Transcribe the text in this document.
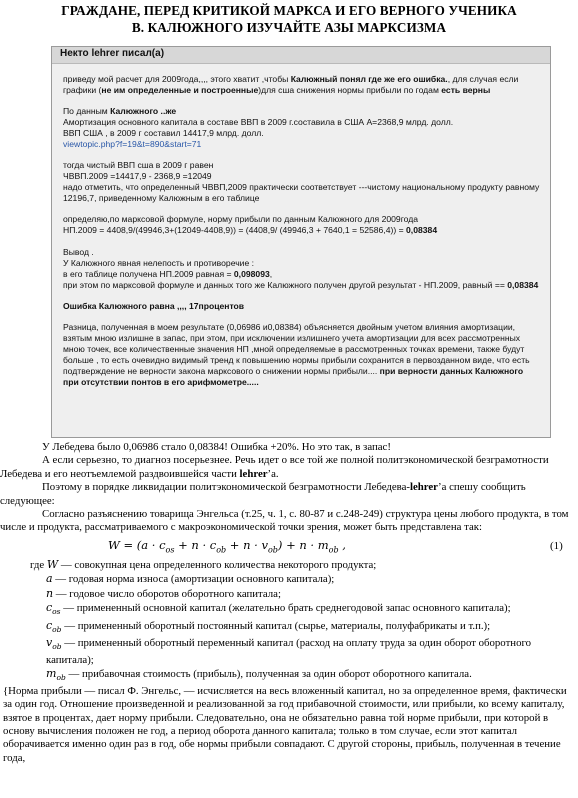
ГРАЖДАНЕ, ПЕРЕД КРИТИКОЙ МАРКСА И ЕГО ВЕРНОГО УЧЕНИКА
В. КАЛЮЖНОГО ИЗУЧАЙТЕ АЗЫ МАРКСИЗМА
Некто lehrer писал(а)

приведу мой расчет для 2009года,,,, этого хватит ,чтобы Калюжный понял где же его ошибка., для случая если графики (не им определенные и построенные)для сша снижения нормы прибыли по годам есть верны

По данным Калюжного ..же
Амортизация основного капитала в составе ВВП в 2009 г.составила в США А=2368,9 млрд. долл.
ВВП США , в 2009 г составил 14417,9 млрд. долл.
viewtopic.php?f=19&t=890&start=71

тогда чистый ВВП сша в 2009 г равен
ЧВВП.2009 =14417,9 - 2368,9 =12049
надо отметить, что определенный ЧВВП,2009 практически соответствует ---чистому национальному продукту равному 12196,7, приведенному Калюжным в его таблице

определяю,по марксовой формуле, норму прибыли по данным Калюжного для 2009года
НП.2009 = 4408,9/(49946,3+(12049-4408,9)) = (4408,9/ (49946,3 + 7640,1 = 52586,4)) = 0,08384

Вывод .
У Калюжного явная нелепость и противоречие :
в его таблице получена НП.2009 равная = 0,098093,
при этом по марксовой формуле и данных того же Калюжного получен другой результат - НП.2009, равный == 0,08384

Ошибка Калюжного равна ,,,, 17процентов

Разница, полученная в моем результате (0,06986 и0,08384) объясняется двойным учетом влияния амортизации, взятым мною излишне в запас, при этом, при исключении излишнего учета амортизации для всех рассмотренных мною точек, все количественные значения НП ,мной определяемые в рассмотренных точках времени, также будут больше , то есть очевидно видимый тренд к повышению нормы прибыли сохранится в первозданном виде, что есть подтверждение не верности закона марксового о снижении нормы прибыли.... при верности данных Калюжного при отсутствии понтов в его арифмометре.....

У Лебедева было 0,06986 стало 0,08384! Ошибка +20%. Но это так, в запас!

А если серьезно, то диагноз посерьезнее. Речь идет о все той же полной политэкономической безграмотности Лебедева и его неотъемлемой раздвоившейся части lehrer’а.

Поэтому в порядке ликвидации политэкономической безграмотности Лебедева-lehrer’а спешу сообщить следующее:

Согласно разъяснению товарища Энгельса (т.25, ч. 1, с. 80-87 и с.248-249) структура цены любого продукта, в том числе и продукта, рассматриваемого с макроэкономической точки зрения, может быть представлена так:

$W = (a \cdot c_{os} + n \cdot c_{ob} + n \cdot v_{ob}) + n \cdot m_{ob}$ ,	(1)

где W — совокупная цена определенного количества некоторого продукта;

a — годовая норма износа (амортизации основного капитала);

n — годовое число оборотов оборотного капитала;

$c_{os}$ — примененный основной капитал (желательно брать среднегодовой запас основного капитала);

$c_{ob}$ — примененный оборотный постоянный капитал (сырье, материалы, полуфабрикаты и т.п.);

$v_{ob}$ — примененный оборотный переменный капитал (расход на оплату труда за один оборот оборотного капитала);

$m_{ob}$ — прибавочная стоимость (прибыль), полученная за один оборот оборотного капитала.

{Норма прибыли — писал Ф. Энгельс, — исчисляется на весь вложенный капитал, но за определенное время, фактически за один год. Отношение произведенной и реализованной за год прибавочной стоимости, или прибыли, ко всему капиталу, взятое в процентах, дает норму прибыли. Следовательно, она не обязательно равна той норме прибыли, при которой в основу вычисления положен не год, а период оборота данного капитала; только в том случае, если этот капитал оборачивается именно один раз в год, обе нормы прибыли совпадают. С другой стороны, прибыль, полученная в течение года,
